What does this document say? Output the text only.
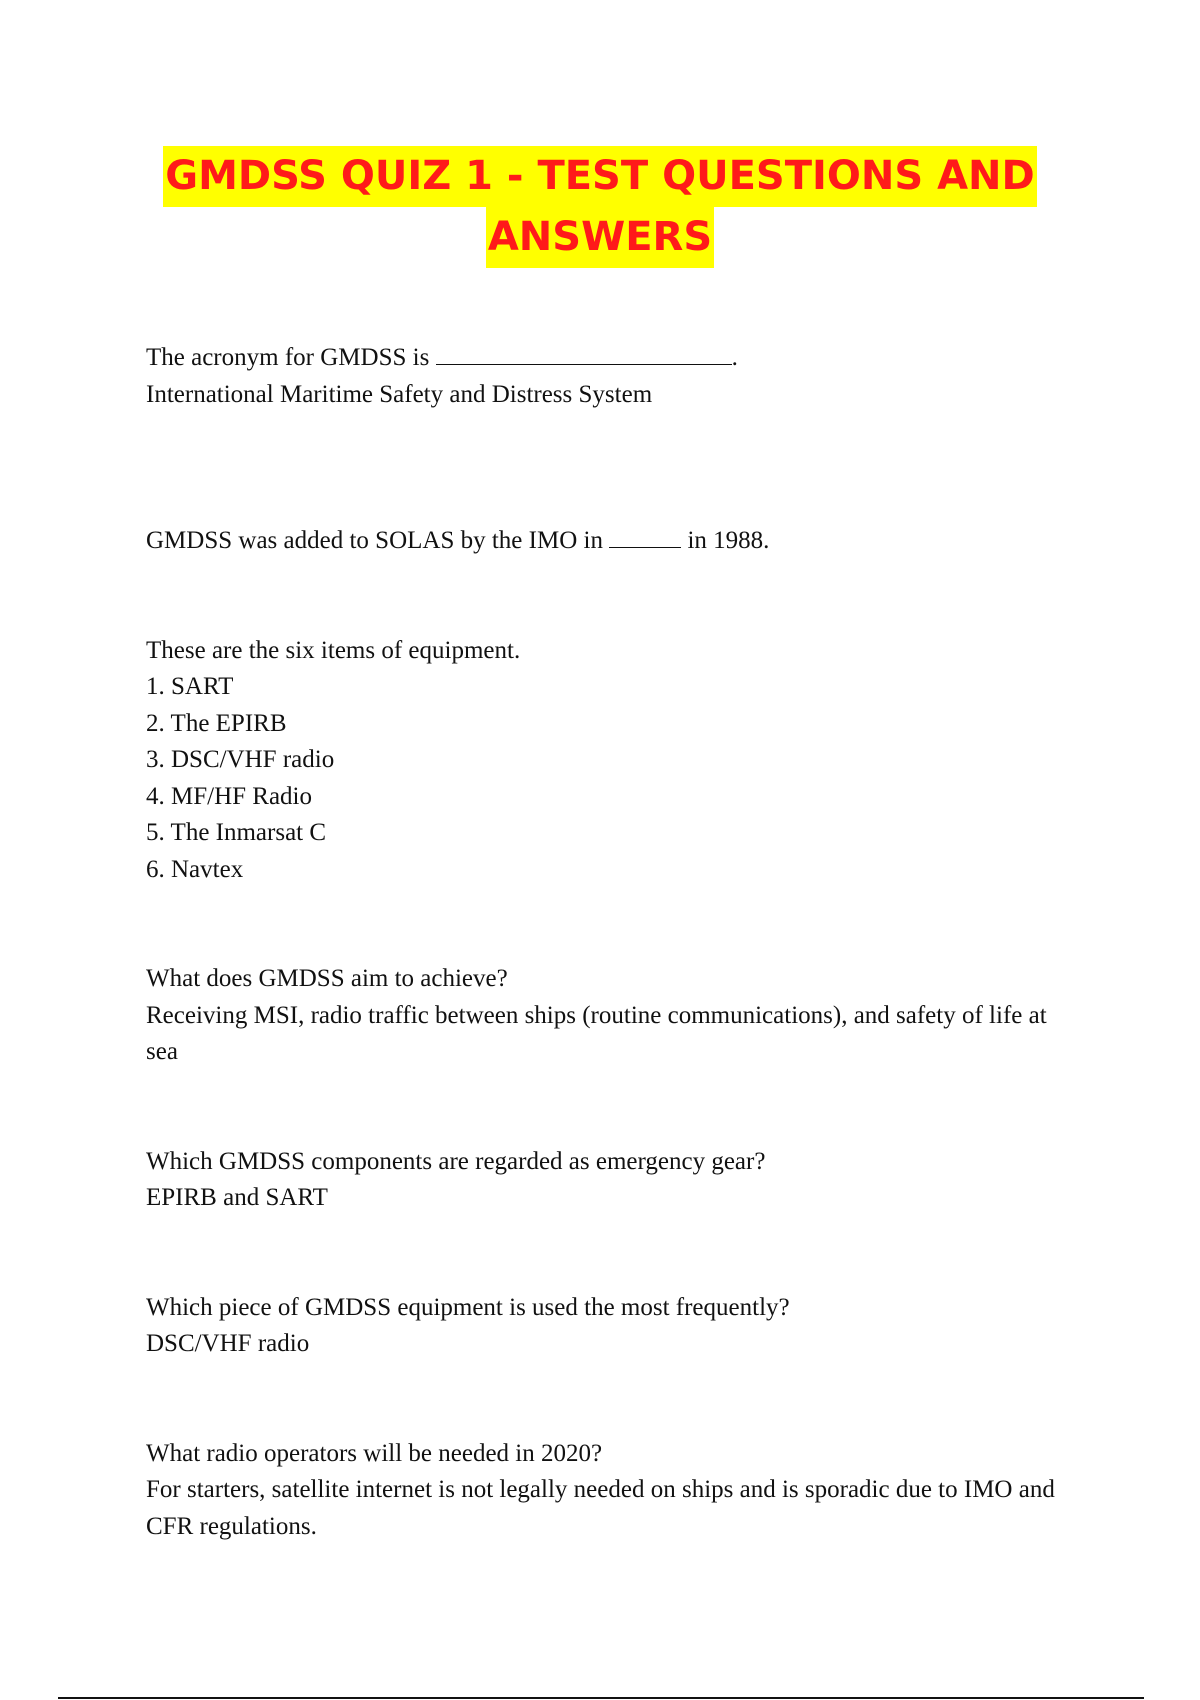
GMDSS QUIZ 1 - TEST QUESTIONS AND
ANSWERS
The acronym for GMDSS is	.
International Maritime Safety and Distress System
GMDSS was added to SOLAS by the IMO in	in 1988.
These are the six items of equipment.
1. SART
2. The EPIRB
3. DSC/VHF radio
4. MF/HF Radio
5. The Inmarsat C
6. Navtex
What does GMDSS aim to achieve?
Receiving MSI, radio traffic between ships (routine communications), and safety of life at sea
Which GMDSS components are regarded as emergency gear?
EPIRB and SART
Which piece of GMDSS equipment is used the most frequently?
DSC/VHF radio
What radio operators will be needed in 2020?
For starters, satellite internet is not legally needed on ships and is sporadic due to IMO and CFR regulations.
